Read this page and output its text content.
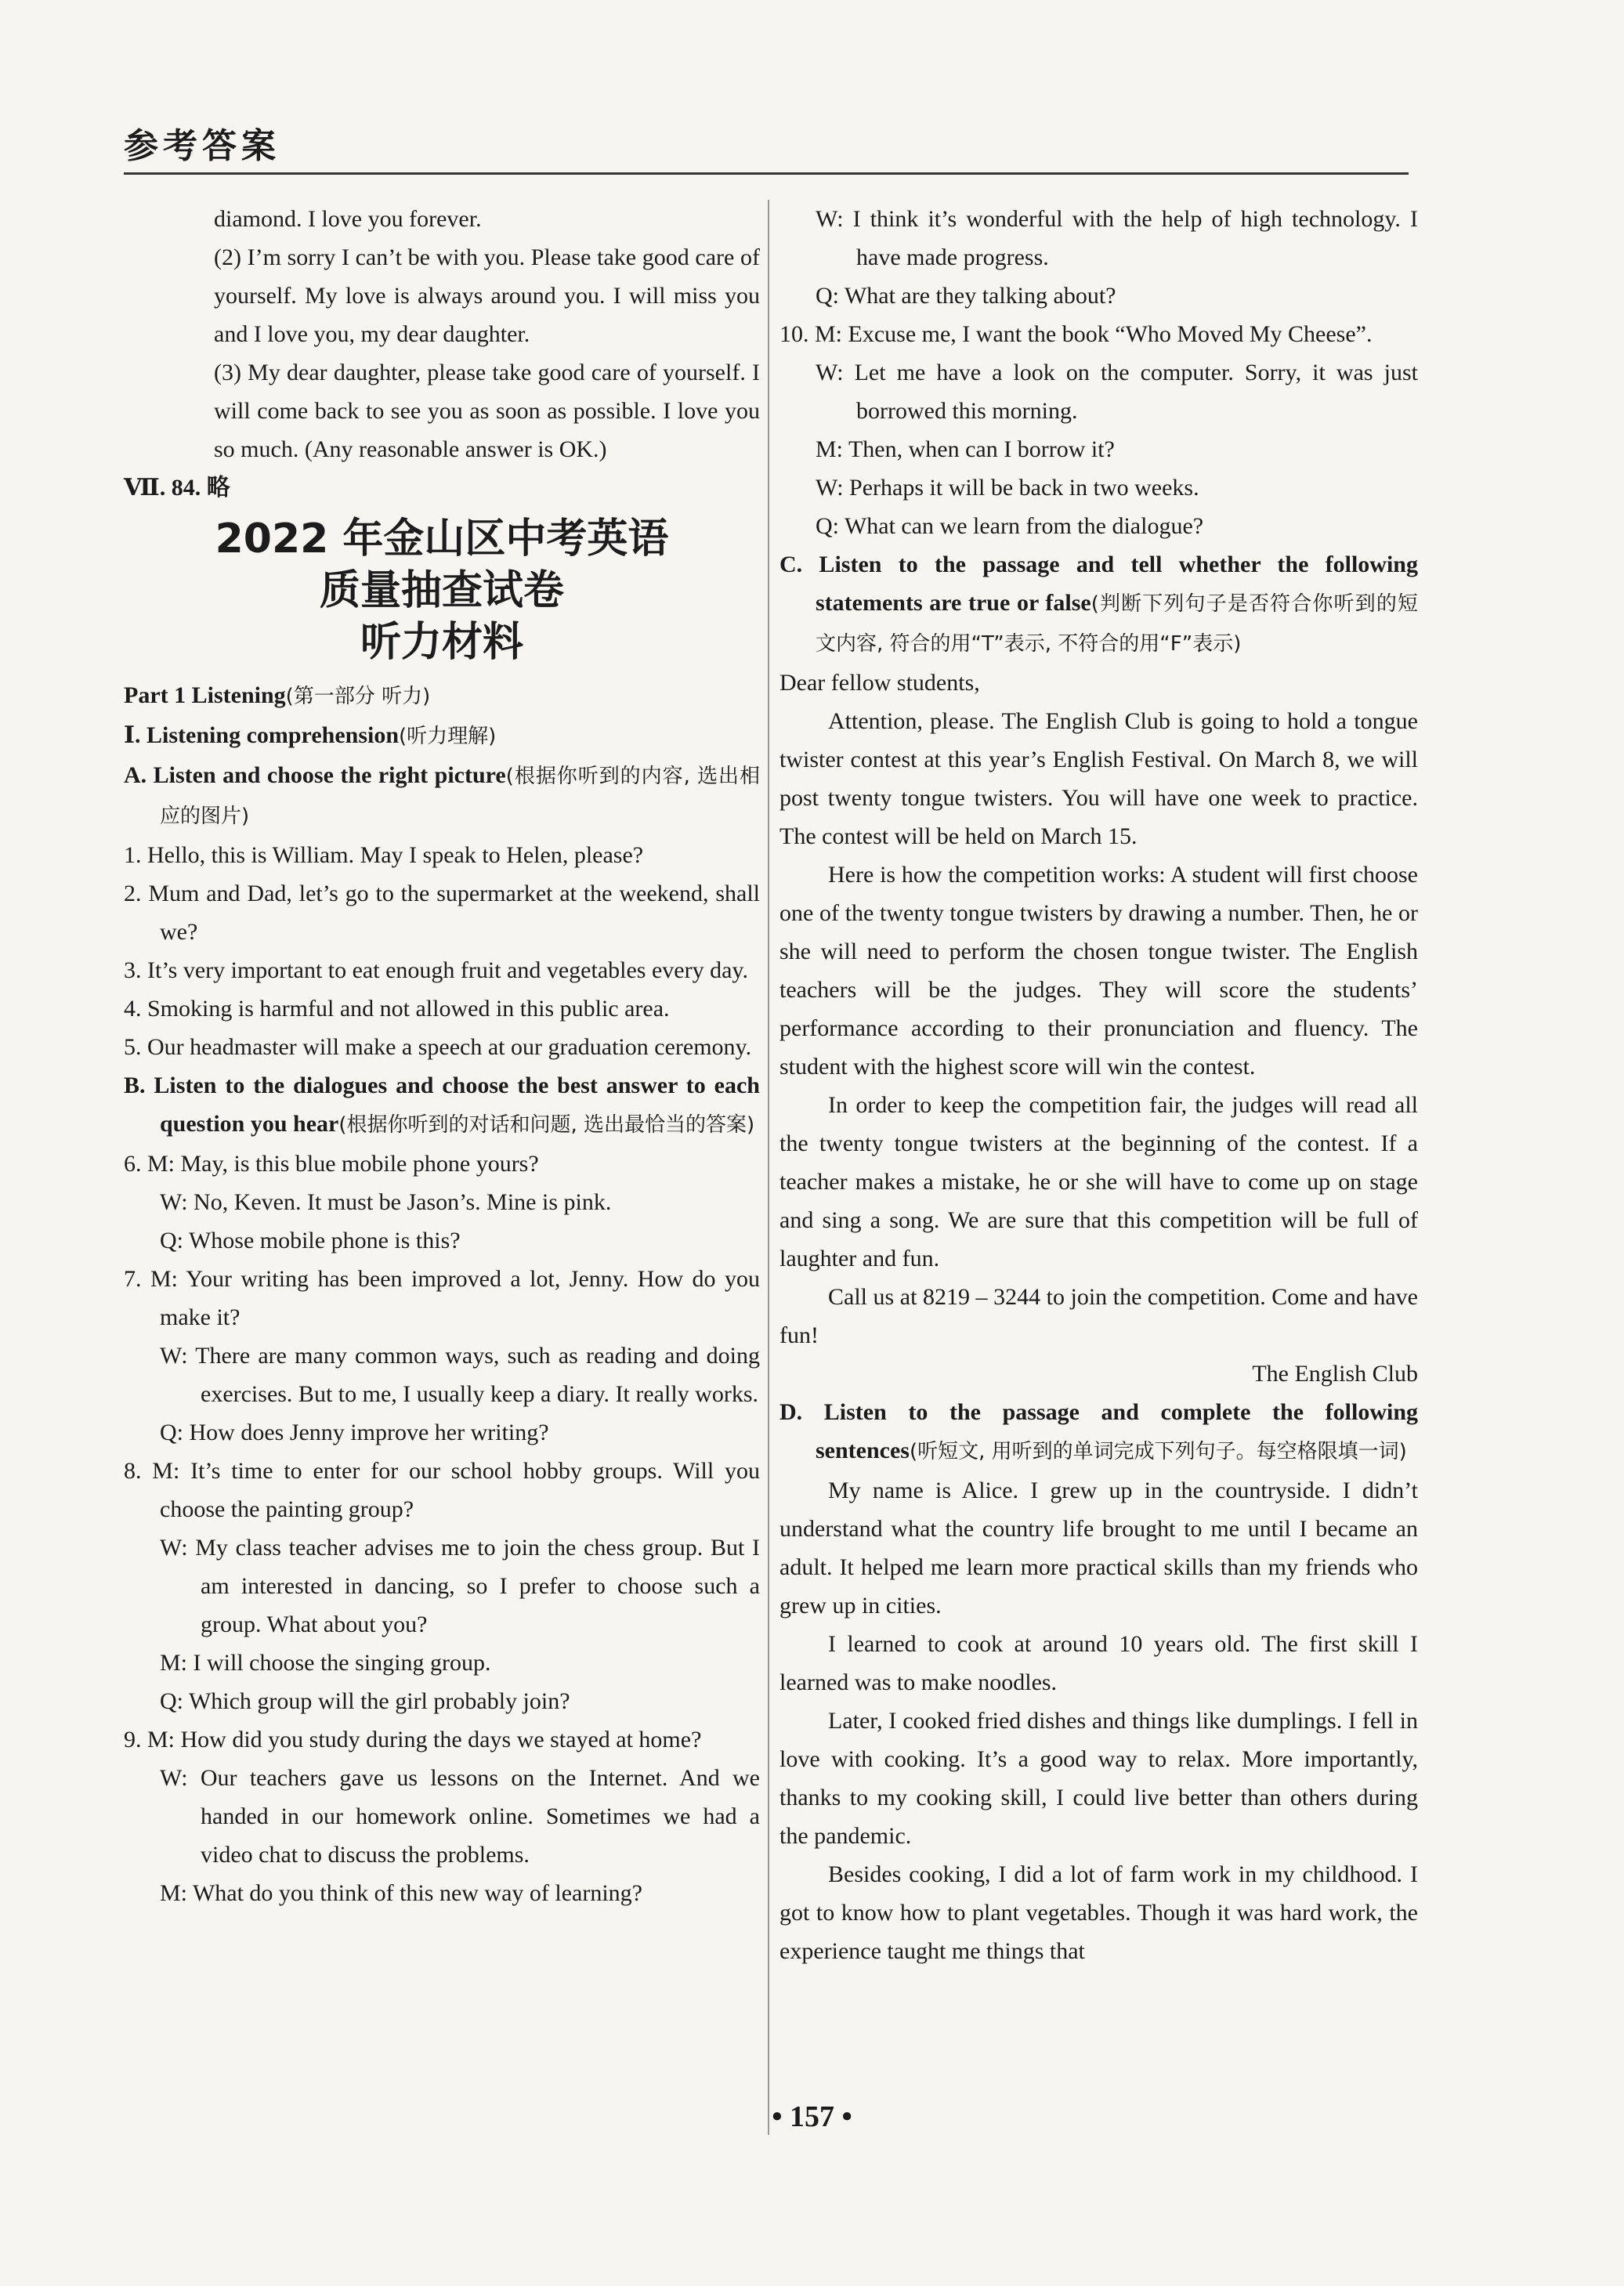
参考答案

diamond. I love you forever.

(2) I’m sorry I can’t be with you. Please take good care of yourself. My love is always around you. I will miss you and I love you, my dear daughter.

(3) My dear daughter, please take good care of yourself. I will come back to see you as soon as possible. I love you so much. (Any reasonable answer is OK.)

Ⅶ. 84. 略

2022 年金山区中考英语
质量抽查试卷
听力材料

Part 1 Listening(第一部分 听力)

Ⅰ. Listening comprehension(听力理解)

A. Listen and choose the right picture(根据你听到的内容, 选出相应的图片)

1. Hello, this is William. May I speak to Helen, please?

2. Mum and Dad, let’s go to the supermarket at the weekend, shall we?

3. It’s very important to eat enough fruit and vegetables every day.

4. Smoking is harmful and not allowed in this public area.

5. Our headmaster will make a speech at our graduation ceremony.

B. Listen to the dialogues and choose the best answer to each question you hear(根据你听到的对话和问题, 选出最恰当的答案)

6. M: May, is this blue mobile phone yours?

W: No, Keven. It must be Jason’s. Mine is pink.

Q: Whose mobile phone is this?

7. M: Your writing has been improved a lot, Jenny. How do you make it?

W: There are many common ways, such as reading and doing exercises. But to me, I usually keep a diary. It really works.

Q: How does Jenny improve her writing?

8. M: It’s time to enter for our school hobby groups. Will you choose the painting group?

W: My class teacher advises me to join the chess group. But I am interested in dancing, so I prefer to choose such a group. What about you?

M: I will choose the singing group.

Q: Which group will the girl probably join?

9. M: How did you study during the days we stayed at home?

W: Our teachers gave us lessons on the Internet. And we handed in our homework online. Sometimes we had a video chat to discuss the problems.

M: What do you think of this new way of learning?

W: I think it’s wonderful with the help of high technology. I have made progress.

Q: What are they talking about?

10. M: Excuse me, I want the book “Who Moved My Cheese”.

W: Let me have a look on the computer. Sorry, it was just borrowed this morning.

M: Then, when can I borrow it?

W: Perhaps it will be back in two weeks.

Q: What can we learn from the dialogue?

C. Listen to the passage and tell whether the following statements are true or false(判断下列句子是否符合你听到的短文内容, 符合的用“T”表示, 不符合的用“F”表示)

Dear fellow students,

Attention, please. The English Club is going to hold a tongue twister contest at this year’s English Festival. On March 8, we will post twenty tongue twisters. You will have one week to practice. The contest will be held on March 15.

Here is how the competition works: A student will first choose one of the twenty tongue twisters by drawing a number. Then, he or she will need to perform the chosen tongue twister. The English teachers will be the judges. They will score the students’ performance according to their pronunciation and fluency. The student with the highest score will win the contest.

In order to keep the competition fair, the judges will read all the twenty tongue twisters at the beginning of the contest. If a teacher makes a mistake, he or she will have to come up on stage and sing a song. We are sure that this competition will be full of laughter and fun.

Call us at 8219 – 3244 to join the competition. Come and have fun!

The English Club

D. Listen to the passage and complete the following sentences(听短文, 用听到的单词完成下列句子。每空格限填一词)

My name is Alice. I grew up in the countryside. I didn’t understand what the country life brought to me until I became an adult. It helped me learn more practical skills than my friends who grew up in cities.

I learned to cook at around 10 years old. The first skill I learned was to make noodles.

Later, I cooked fried dishes and things like dumplings. I fell in love with cooking. It’s a good way to relax. More importantly, thanks to my cooking skill, I could live better than others during the pandemic.

Besides cooking, I did a lot of farm work in my childhood. I got to know how to plant vegetables. Though it was hard work, the experience taught me things that

• 157 •
